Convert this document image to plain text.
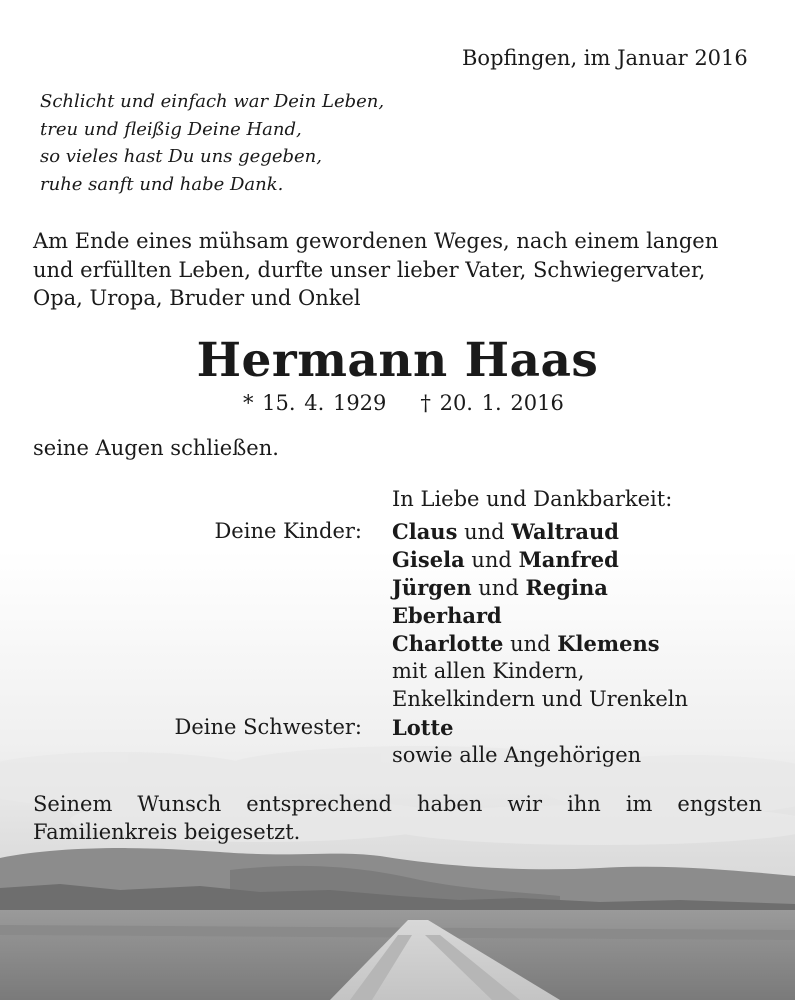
Bopfingen, im Januar 2016
Schlicht und einfach war Dein Leben,
treu und fleißig Deine Hand,
so vieles hast Du uns gegeben,
ruhe sanft und habe Dank.
Am Ende eines mühsam gewordenen Weges, nach einem langen
und erfüllten Leben, durfte unser lieber Vater, Schwiegervater,
Opa, Uropa, Bruder und Onkel
Hermann Haas
* 15. 4. 1929 † 20. 1. 2016
seine Augen schließen.
In Liebe und Dankbarkeit:
Deine Kinder: Claus und Waltraud
Gisela und Manfred
Jürgen und Regina
Eberhard
Charlotte und Klemens
mit allen Kindern,
Enkelkindern und Urenkeln
Deine Schwester: Lotte
sowie alle Angehörigen
Seinem Wunsch entsprechend haben wir ihn im engsten
Familienkreis beigesetzt.
